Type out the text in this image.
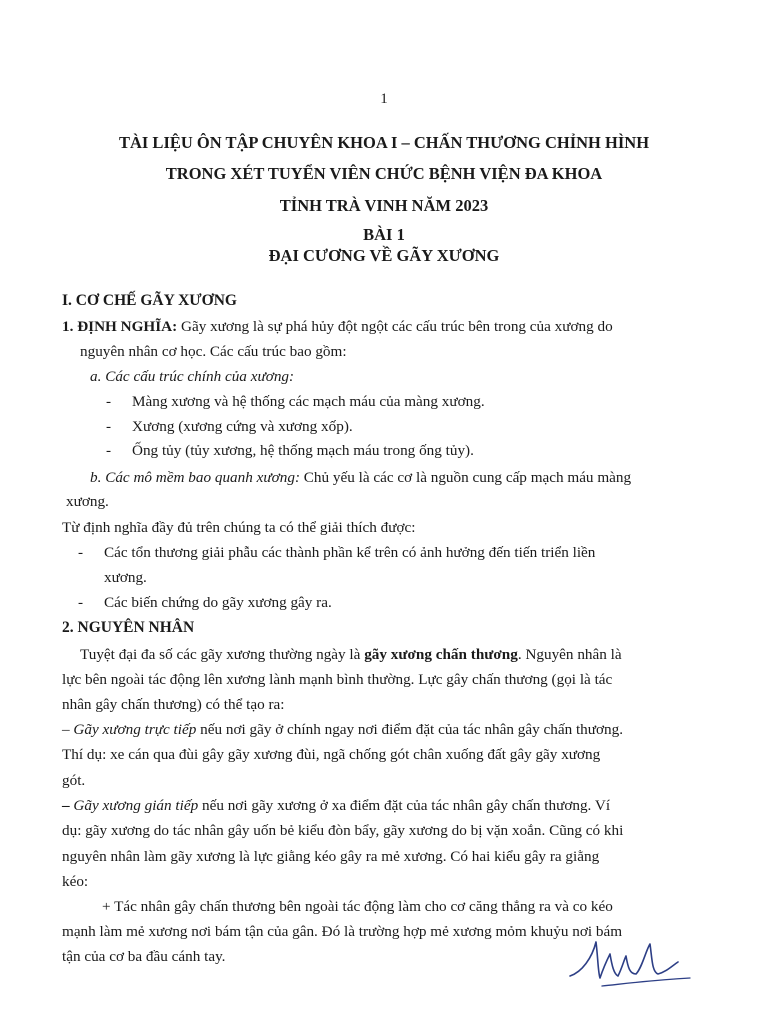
1
TÀI LIỆU ÔN TẬP CHUYÊN KHOA I – CHẤN THƯƠNG CHỈNH HÌNH
TRONG XÉT TUYỂN VIÊN CHỨC BỆNH VIỆN ĐA KHOA
TỈNH TRÀ VINH NĂM 2023
BÀI 1
ĐẠI CƯƠNG VỀ GÃY XƯƠNG
I. CƠ CHẾ GÃY XƯƠNG
1. ĐỊNH NGHĨA: Gãy xương là sự phá hủy đột ngột các cấu trúc bên trong của xương do
nguyên nhân cơ học. Các cấu trúc bao gồm:
a. Các cấu trúc chính của xương:
- Màng xương và hệ thống các mạch máu của màng xương.
- Xương (xương cứng và xương xốp).
- Ống tủy (tủy xương, hệ thống mạch máu trong ống tủy).
b. Các mô mềm bao quanh xương: Chủ yếu là các cơ là nguồn cung cấp mạch máu màng
xương.
Từ định nghĩa đầy đủ trên chúng ta có thể giải thích được:
- Các tổn thương giải phẫu các thành phần kể trên có ảnh hưởng đến tiến triển liền
xương.
- Các biến chứng do gãy xương gây ra.
2. NGUYÊN NHÂN
Tuyệt đại đa số các gãy xương thường ngày là gãy xương chấn thương. Nguyên nhân là
lực bên ngoài tác động lên xương lành mạnh bình thường. Lực gây chấn thương (gọi là tác
nhân gây chấn thương) có thể tạo ra:
– Gãy xương trực tiếp nếu nơi gãy ở chính ngay nơi điểm đặt của tác nhân gây chấn thương.
Thí dụ: xe cán qua đùi gây gãy xương đùi, ngã chống gót chân xuống đất gây gãy xương
gót.
– Gãy xương gián tiếp nếu nơi gãy xương ở xa điểm đặt của tác nhân gây chấn thương. Ví
dụ: gãy xương do tác nhân gây uốn bẻ kiểu đòn bẩy, gãy xương do bị vặn xoắn. Cũng có khi
nguyên nhân làm gãy xương là lực giằng kéo gây ra mẻ xương. Có hai kiểu gây ra giằng
kéo:
+ Tác nhân gây chấn thương bên ngoài tác động làm cho cơ căng thẳng ra và co kéo
mạnh làm mẻ xương nơi bám tận của gân. Đó là trường hợp mẻ xương mỏm khuỷu nơi bám
tận của cơ ba đầu cánh tay.
